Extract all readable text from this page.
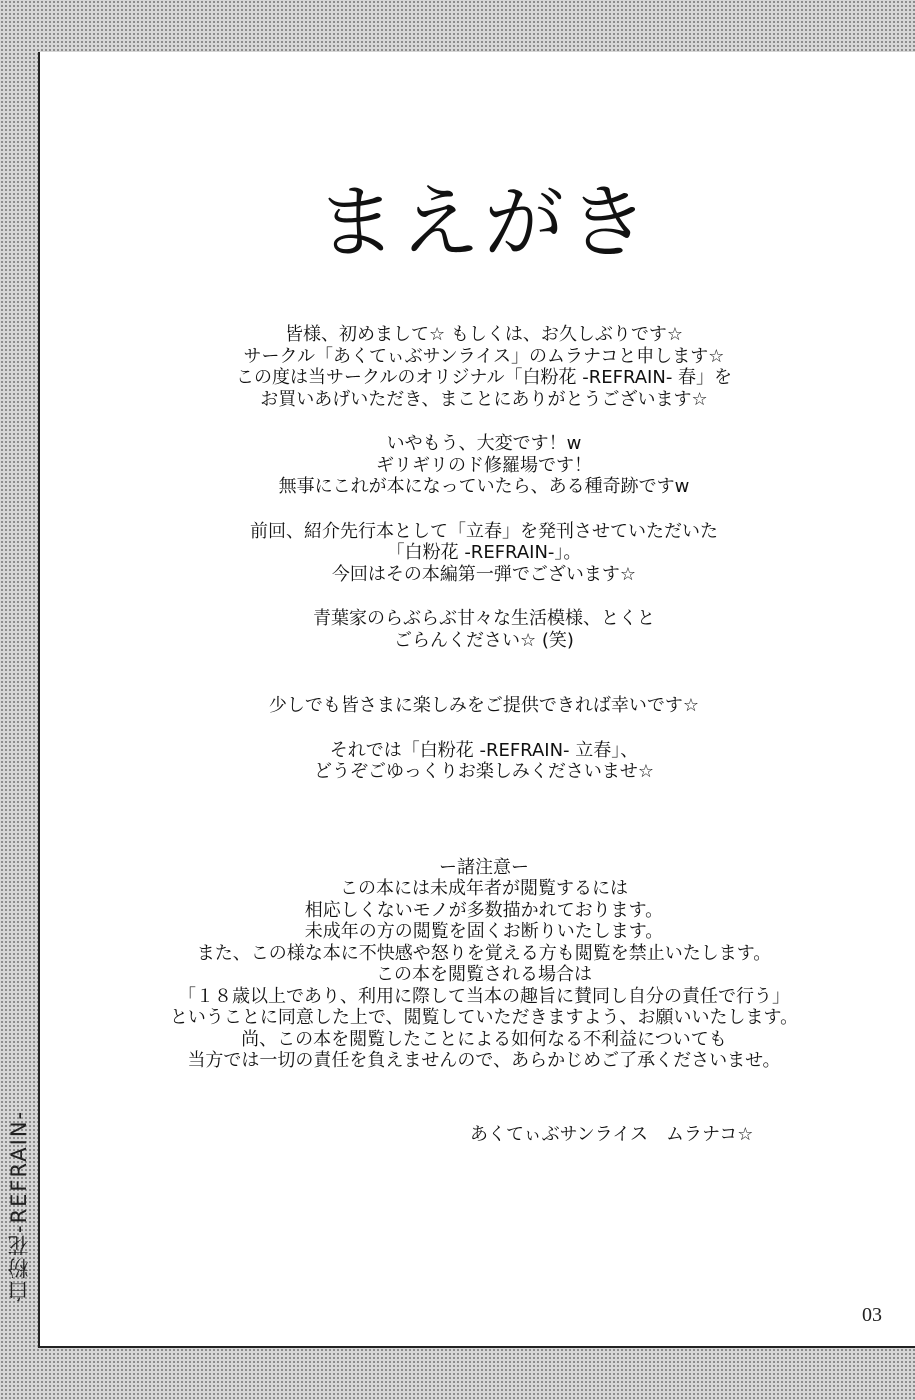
まえがき
皆様、初めまして☆ もしくは、お久しぶりです☆
サークル「あくてぃぶサンライス」のムラナコと申します☆
この度は当サークルのオリジナル「白粉花 -REFRAIN- 春」を
お買いあげいただき、まことにありがとうございます☆
いやもう、大変です！w
ギリギリのド修羅場です！
無事にこれが本になっていたら、ある種奇跡ですw
前回、紹介先行本として「立春」を発刊させていただいた
「白粉花 -REFRAIN-」。
今回はその本編第一弾でございます☆
青葉家のらぶらぶ甘々な生活模様、とくと
ごらんください☆ (笑)
少しでも皆さまに楽しみをご提供できれば幸いです☆
それでは「白粉花 -REFRAIN- 立春」、
どうぞごゆっくりお楽しみくださいませ☆
ー諸注意ー
この本には未成年者が閲覧するには
相応しくないモノが多数描かれております。
未成年の方の閲覧を固くお断りいたします。
また、この様な本に不快感や怒りを覚える方も閲覧を禁止いたします。
この本を閲覧される場合は
「１８歳以上であり、利用に際して当本の趣旨に賛同し自分の責任で行う」
ということに同意した上で、閲覧していただきますよう、お願いいたします。
尚、この本を閲覧したことによる如何なる不利益についても
当方では一切の責任を負えませんので、あらかじめご了承くださいませ。
あくてぃぶサンライス　ムラナコ☆
白粉花-REFRAIN-
03
